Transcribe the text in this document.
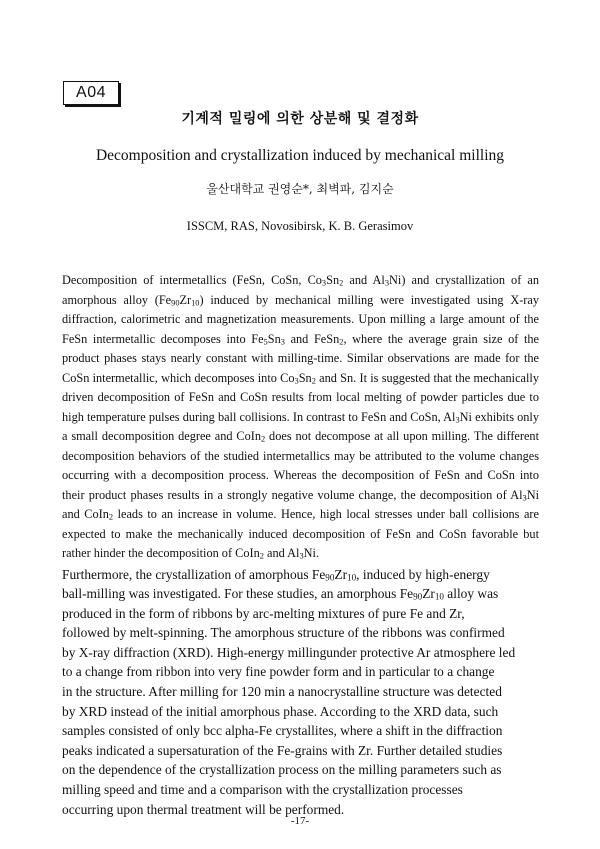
A04
기계적 밀링에 의한 상분해 및 결정화
Decomposition and crystallization induced by mechanical milling
울산대학교 권영순*, 최벽파, 김지순
ISSCM, RAS, Novosibirsk, K. B. Gerasimov

Decomposition of intermetallics (FeSn, CoSn, $Co_3Sn_2$ and $Al_3Ni$) and crystallization of an amorphous alloy $(Fe_{90}Zr_{10})$ induced by mechanical milling were investigated using X-ray diffraction, calorimetric and magnetization measurements. Upon milling a large amount of the FeSn intermetallic decomposes into $Fe_5Sn_3$ and FeSn$_2$, where the average grain size of the product phases stays nearly constant with milling-time. Similar observations are made for the CoSn intermetallic, which decomposes into $Co_3Sn_2$ and Sn. It is suggested that the mechanically driven decomposition of FeSn and CoSn results from local melting of powder particles due to high temperature pulses during ball collisions. In contrast to FeSn and CoSn, $Al_3Ni$ exhibits only a small decomposition degree and CoIn$_2$ does not decompose at all upon milling. The different decomposition behaviors of the studied intermetallics may be attributed to the volume changes occurring with a decomposition process. Whereas the decomposition of FeSn and CoSn into their product phases results in a strongly negative volume change, the decomposition of $Al_3Ni$ and CoIn$_2$ leads to an increase in volume. Hence, high local stresses under ball collisions are expected to make the mechanically induced decomposition of FeSn and CoSn favorable but rather hinder the decomposition of CoIn$_2$ and $Al_3Ni$.

Furthermore, the crystallization of amorphous $Fe_{90}Zr_{10}$, induced by high-energy
ball-milling was investigated. For these studies, an amorphous $Fe_{90}Zr_{10}$ alloy was
produced in the form of ribbons by arc-melting mixtures of pure Fe and Zr,
followed by melt-spinning. The amorphous structure of the ribbons was confirmed
by X-ray diffraction (XRD). High-energy millingunder protective Ar atmosphere led
to a change from ribbon into very fine powder form and in particular to a change
in the structure. After milling for 120 min a nanocrystalline structure was detected
by XRD instead of the initial amorphous phase. According to the XRD data, such
samples consisted of only bcc alpha-Fe crystallites, where a shift in the diffraction
peaks indicated a supersaturation of the Fe-grains with Zr. Further detailed studies
on the dependence of the crystallization process on the milling parameters such as
milling speed and time and a comparison with the crystallization processes
occurring upon thermal treatment will be performed.

-17-
